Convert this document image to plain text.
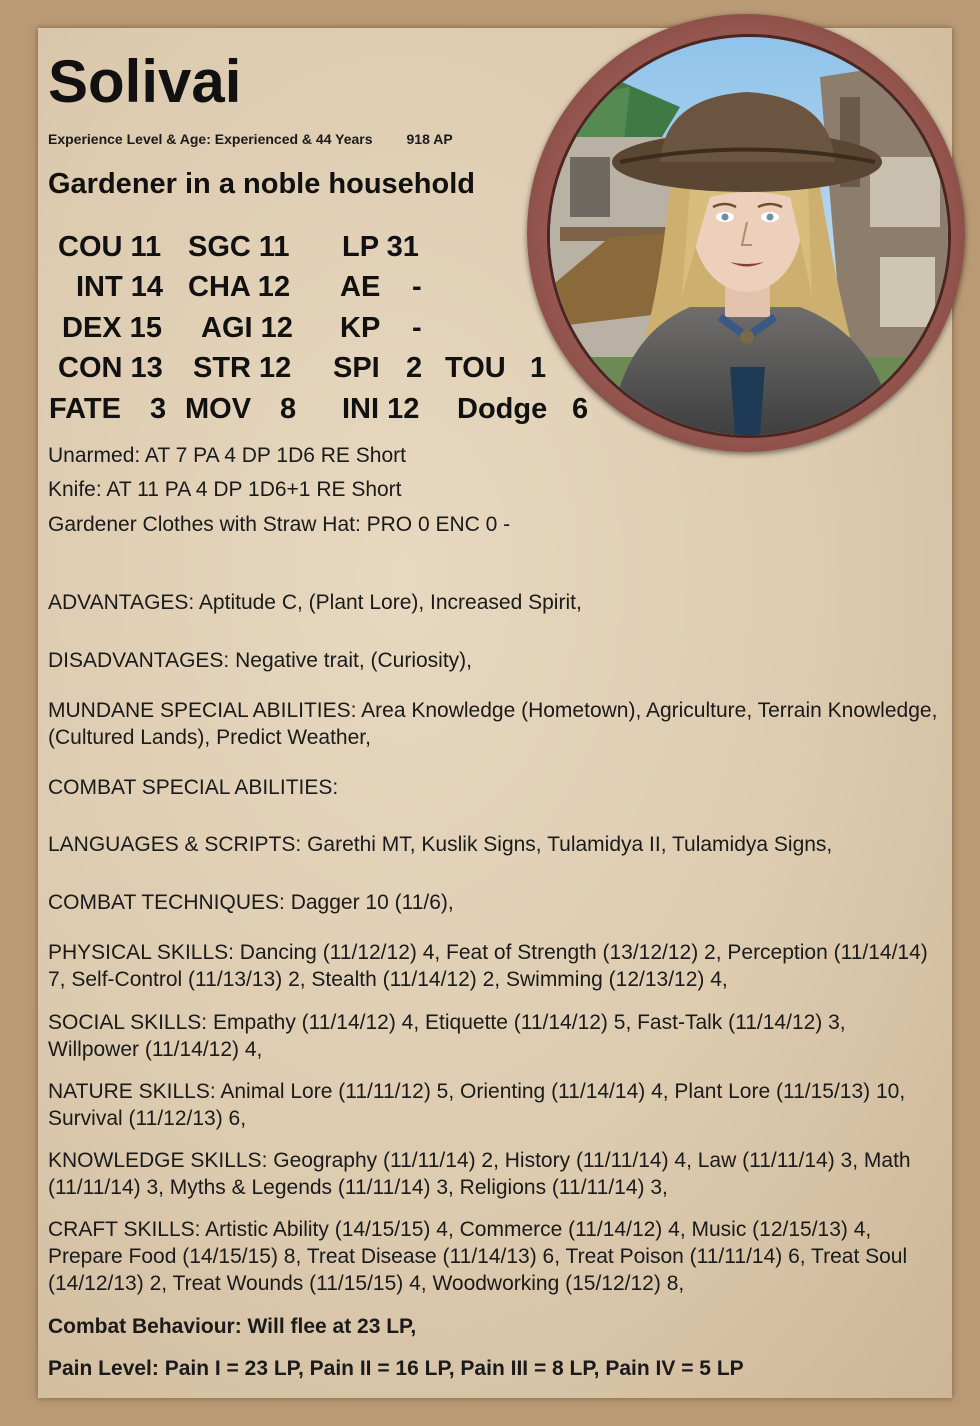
Solivai
Experience Level & Age: Experienced & 44 Years 918 AP
Gardener in a noble household
COU 11 SGC 11 LP 31
INT 14 CHA 12 AE -
DEX 15 AGI 12 KP -
CON 13 STR 12 SPI 2 TOU 1
FATE 3 MOV 8 INI 12 Dodge 6
Unarmed: AT 7 PA 4 DP 1D6 RE Short
Knife: AT 11 PA 4 DP 1D6+1 RE Short
Gardener Clothes with Straw Hat: PRO 0 ENC 0 -
ADVANTAGES: Aptitude C, (Plant Lore), Increased Spirit,
DISADVANTAGES: Negative trait, (Curiosity),
MUNDANE SPECIAL ABILITIES: Area Knowledge (Hometown), Agriculture, Terrain Knowledge, (Cultured Lands), Predict Weather,
COMBAT SPECIAL ABILITIES:
LANGUAGES & SCRIPTS: Garethi MT, Kuslik Signs, Tulamidya II, Tulamidya Signs,
COMBAT TECHNIQUES: Dagger 10 (11/6),
PHYSICAL SKILLS: Dancing (11/12/12) 4, Feat of Strength (13/12/12) 2, Perception (11/14/14) 7, Self-Control (11/13/13) 2, Stealth (11/14/12) 2, Swimming (12/13/12) 4,
SOCIAL SKILLS: Empathy (11/14/12) 4, Etiquette (11/14/12) 5, Fast-Talk (11/14/12) 3, Willpower (11/14/12) 4,
NATURE SKILLS: Animal Lore (11/11/12) 5, Orienting (11/14/14) 4, Plant Lore (11/15/13) 10, Survival (11/12/13) 6,
KNOWLEDGE SKILLS: Geography (11/11/14) 2, History (11/11/14) 4, Law (11/11/14) 3, Math (11/11/14) 3, Myths & Legends (11/11/14) 3, Religions (11/11/14) 3,
CRAFT SKILLS: Artistic Ability (14/15/15) 4, Commerce (11/14/12) 4, Music (12/15/13) 4, Prepare Food (14/15/15) 8, Treat Disease (11/14/13) 6, Treat Poison (11/11/14) 6, Treat Soul (14/12/13) 2, Treat Wounds (11/15/15) 4, Woodworking (15/12/12) 8,
Combat Behaviour: Will flee at 23 LP,
Pain Level: Pain I = 23 LP, Pain II = 16 LP, Pain III = 8 LP, Pain IV = 5 LP
